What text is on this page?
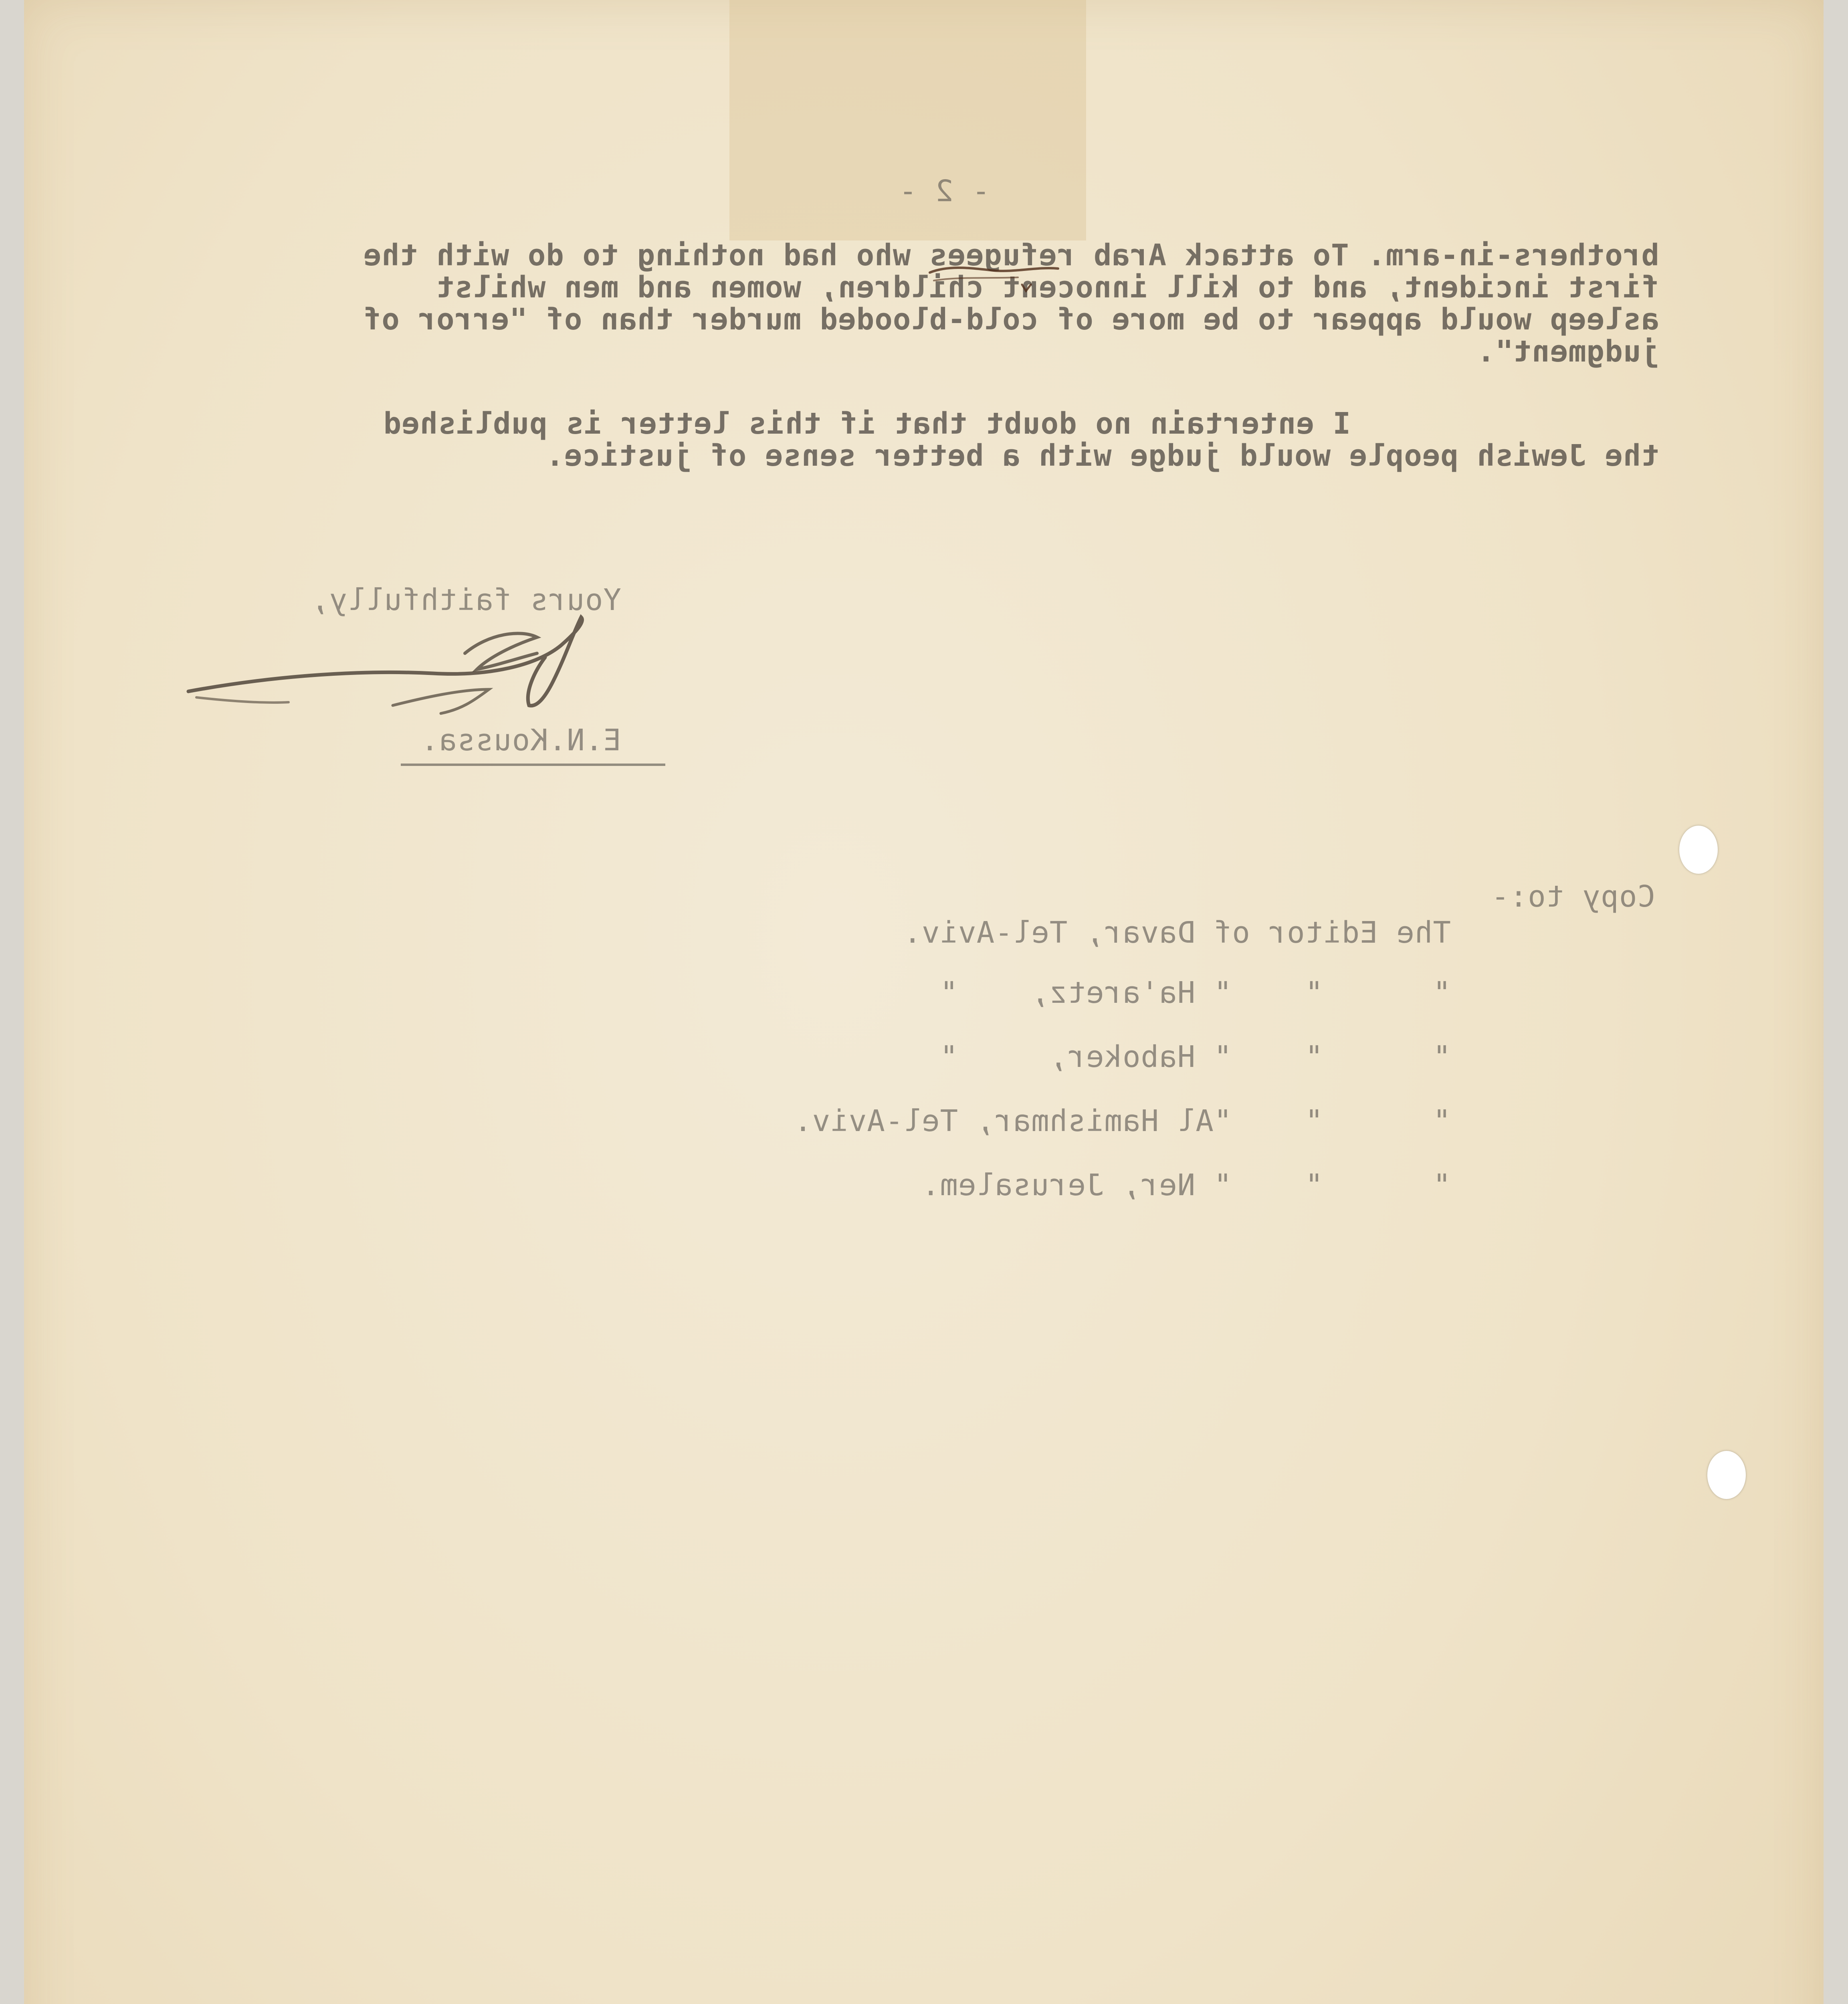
- 2 -
brothers-in-arm. To attack Arab refugees who had nothing to do with the
first incident, and to kill innocent children, women and men whilst
asleep would appear to be more of cold-blooded murder than of "error of
judgment".
I entertain no doubt that if this letter is published
the Jewish people would judge with a better sense of justice.
Yours faithfully,
E.N.Koussa.
Copy to:-
The Editor of Davar, Tel-Aviv.
"      "    " Ha'aretz,    "
"      "    " Haboker,     "
"      "    "Al Hamishmar, Tel-Aviv.
"      "    " Ner, Jerusalem.
